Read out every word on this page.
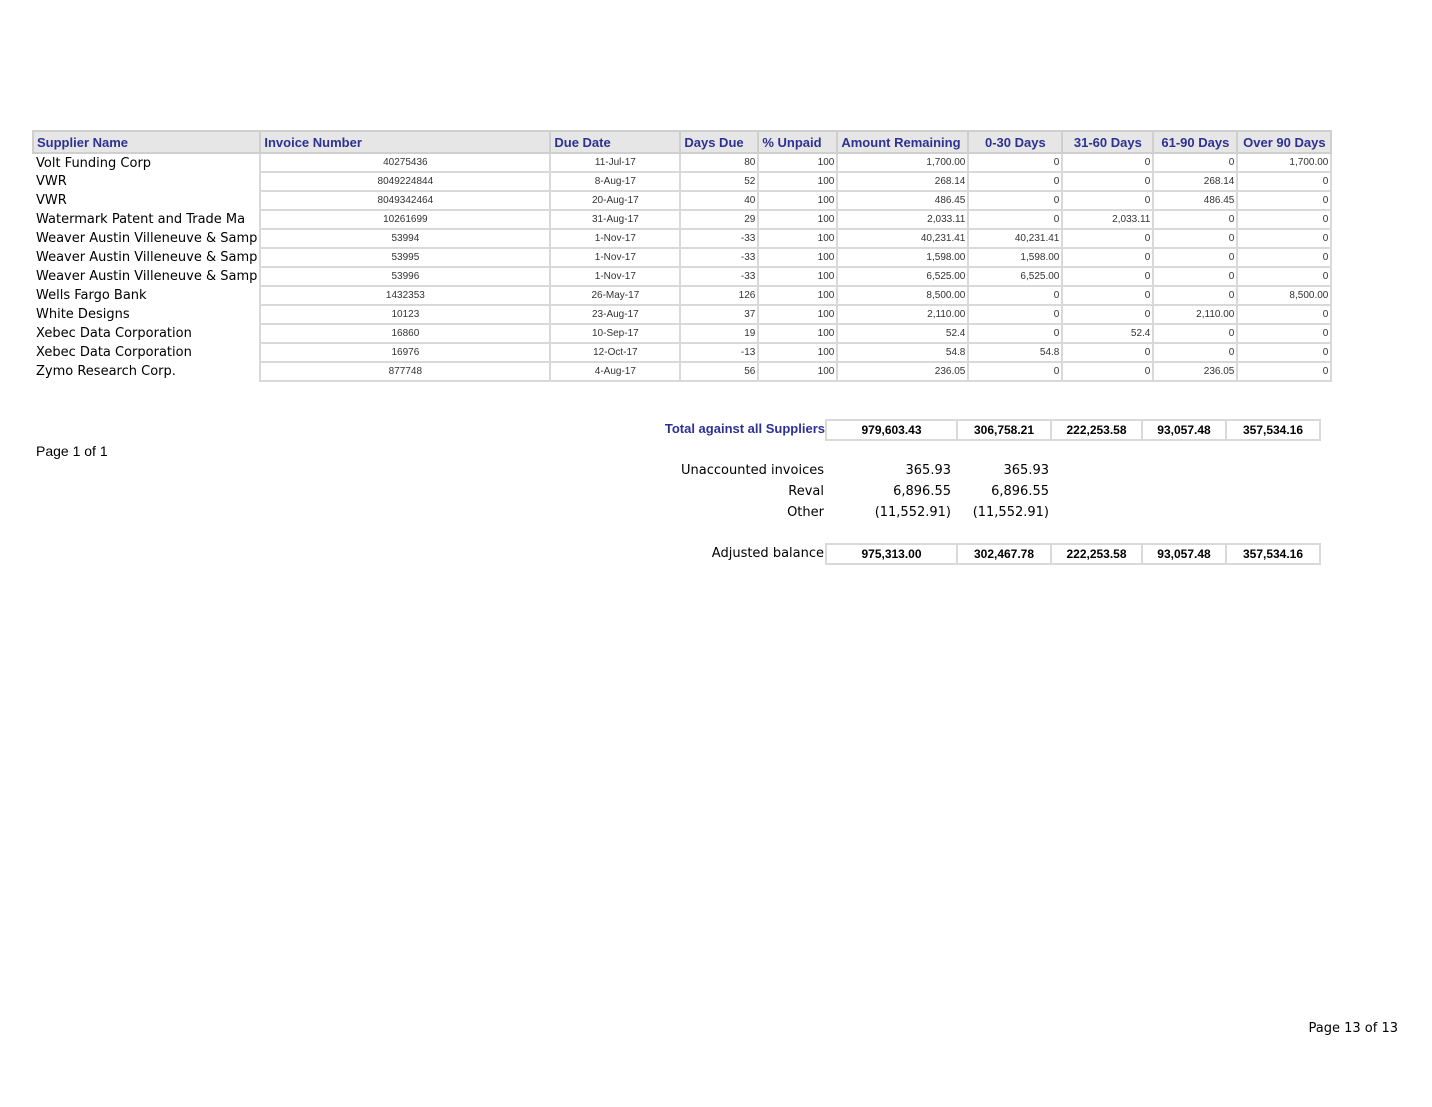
Supplier Name	Invoice Number	Due Date	Days Due	% Unpaid	Amount Remaining	0-30 Days	31-60 Days	61-90 Days	Over 90 Days
Volt Funding Corp	40275436	11-Jul-17	80	100	1,700.00	0	0	0	1,700.00
VWR	8049224844	8-Aug-17	52	100	268.14	0	0	268.14	0
VWR	8049342464	20-Aug-17	40	100	486.45	0	0	486.45	0
Watermark Patent and Trade Ma	10261699	31-Aug-17	29	100	2,033.11	0	2,033.11	0	0
Weaver Austin Villeneuve & Samp	53994	1-Nov-17	-33	100	40,231.41	40,231.41	0	0	0
Weaver Austin Villeneuve & Samp	53995	1-Nov-17	-33	100	1,598.00	1,598.00	0	0	0
Weaver Austin Villeneuve & Samp	53996	1-Nov-17	-33	100	6,525.00	6,525.00	0	0	0
Wells Fargo Bank	1432353	26-May-17	126	100	8,500.00	0	0	0	8,500.00
White Designs	10123	23-Aug-17	37	100	2,110.00	0	0	2,110.00	0
Xebec Data Corporation	16860	10-Sep-17	19	100	52.4	0	52.4	0	0
Xebec Data Corporation	16976	12-Oct-17	-13	100	54.8	54.8	0	0	0
Zymo Research Corp.	877748	4-Aug-17	56	100	236.05	0	0	236.05	0
Total against all Suppliers	979,603.43	306,758.21	222,253.58	93,057.48	357,534.16
Page 1 of 1
Unaccounted invoices	365.93	365.93
Reval	6,896.55	6,896.55
Other	(11,552.91) (11,552.91)
Adjusted balance	975,313.00	302,467.78	222,253.58	93,057.48	357,534.16
Page 13 of 13
